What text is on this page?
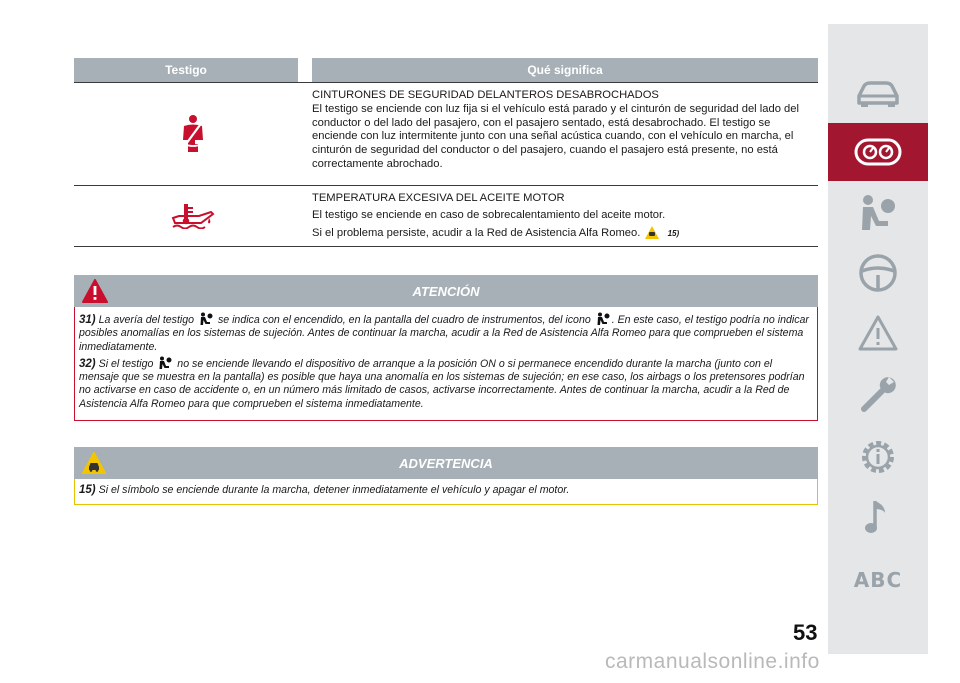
Testigo	Qué significa

CINTURONES DE SEGURIDAD DELANTEROS DESABROCHADOS

El testigo se enciende con luz fija si el vehículo está parado y el cinturón de seguridad del lado del conductor o del lado del pasajero, con el pasajero sentado, está desabrochado. El testigo se enciende con luz intermitente junto con una señal acústica cuando, con el vehículo en marcha, el cinturón de seguridad del conductor o del pasajero, cuando el pasajero está presente, no está correctamente abrochado.

TEMPERATURA EXCESIVA DEL ACEITE MOTOR

El testigo se enciende en caso de sobrecalentamiento del aceite motor.

Si el problema persiste, acudir a la Red de Asistencia Alfa Romeo.	15)

ATENCIÓN

31) La avería del testigo se indica con el encendido, en la pantalla del cuadro de instrumentos, del icono . En este caso, el testigo podría no indicar posibles anomalías en los sistemas de sujeción. Antes de continuar la marcha, acudir a la Red de Asistencia Alfa Romeo para que comprueben el sistema inmediatamente.

32) Si el testigo no se enciende llevando el dispositivo de arranque a la posición ON o si permanece encendido durante la marcha (junto con el mensaje que se muestra en la pantalla) es posible que haya una anomalía en los sistemas de sujeción; en ese caso, los airbags o los pretensores podrían no activarse en caso de accidente o, en un número más limitado de casos, activarse incorrectamente. Antes de continuar la marcha, acudir a la Red de Asistencia Alfa Romeo para que comprueben el sistema inmediatamente.

ADVERTENCIA
15) Si el símbolo se enciende durante la marcha, detener inmediatamente el vehículo y apagar el motor.
ABC
53
carmanualsonline.info
